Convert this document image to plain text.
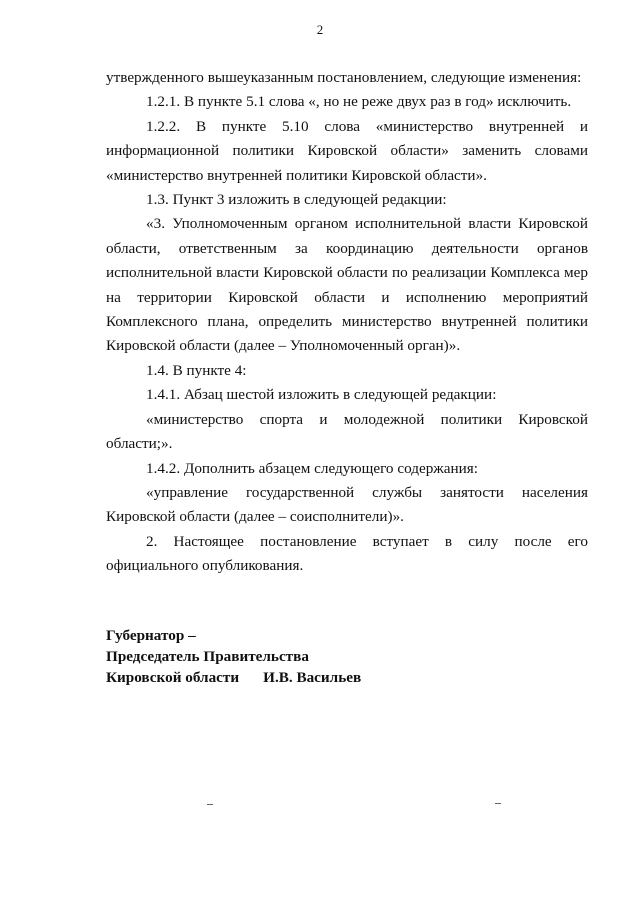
2

утвержденного вышеуказанным постановлением, следующие изменения:

1.2.1. В пункте 5.1 слова «, но не реже двух раз в год» исключить.

1.2.2. В пункте 5.10 слова «министерство внутренней и информационной политики Кировской области» заменить словами «министерство внутренней политики Кировской области».

1.3. Пункт 3 изложить в следующей редакции:

«3. Уполномоченным органом исполнительной власти Кировской области, ответственным за координацию деятельности органов исполнительной власти Кировской области по реализации Комплекса мер на территории Кировской области и исполнению мероприятий Комплексного плана, определить министерство внутренней политики Кировской области (далее – Уполномоченный орган)».

1.4. В пункте 4:

1.4.1. Абзац шестой изложить в следующей редакции:

«министерство спорта и молодежной политики Кировской области;».

1.4.2. Дополнить абзацем следующего содержания:

«управление государственной службы занятости населения Кировской области (далее – соисполнители)».

2. Настоящее постановление вступает в силу после его официального опубликования.

Губернатор –
Председатель Правительства
Кировской области И.В. Васильев
